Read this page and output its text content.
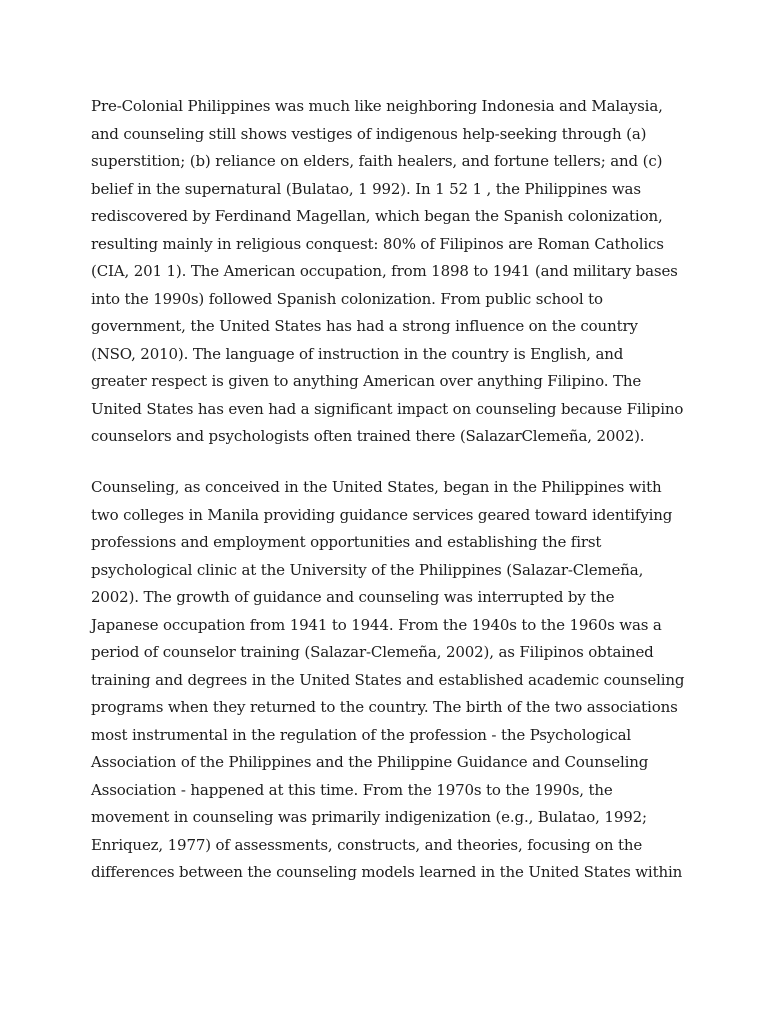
Pre-Colonial Philippines was much like neighboring Indonesia and Malaysia,
and counseling still shows vestiges of indigenous help-seeking through (a)
superstition; (b) reliance on elders, faith healers, and fortune tellers; and (c)
belief in the supernatural (Bulatao, 1 992). In 1 52 1 , the Philippines was
rediscovered by Ferdinand Magellan, which began the Spanish colonization,
resulting mainly in religious conquest: 80% of Filipinos are Roman Catholics
(CIA, 201 1). The American occupation, from 1898 to 1941 (and military bases
into the 1990s) followed Spanish colonization. From public school to
government, the United States has had a strong influence on the country
(NSO, 2010). The language of instruction in the country is English, and
greater respect is given to anything American over anything Filipino. The
United States has even had a significant impact on counseling because Filipino
counselors and psychologists often trained there (SalazarClemeña, 2002).

Counseling, as conceived in the United States, began in the Philippines with
two colleges in Manila providing guidance services geared toward identifying
professions and employment opportunities and establishing the first
psychological clinic at the University of the Philippines (Salazar-Clemeña,
2002). The growth of guidance and counseling was interrupted by the
Japanese occupation from 1941 to 1944. From the 1940s to the 1960s was a
period of counselor training (Salazar-Clemeña, 2002), as Filipinos obtained
training and degrees in the United States and established academic counseling
programs when they returned to the country. The birth of the two associations
most instrumental in the regulation of the profession - the Psychological
Association of the Philippines and the Philippine Guidance and Counseling
Association - happened at this time. From the 1970s to the 1990s, the
movement in counseling was primarily indigenization (e.g., Bulatao, 1992;
Enriquez, 1977) of assessments, constructs, and theories, focusing on the
differences between the counseling models learned in the United States within
